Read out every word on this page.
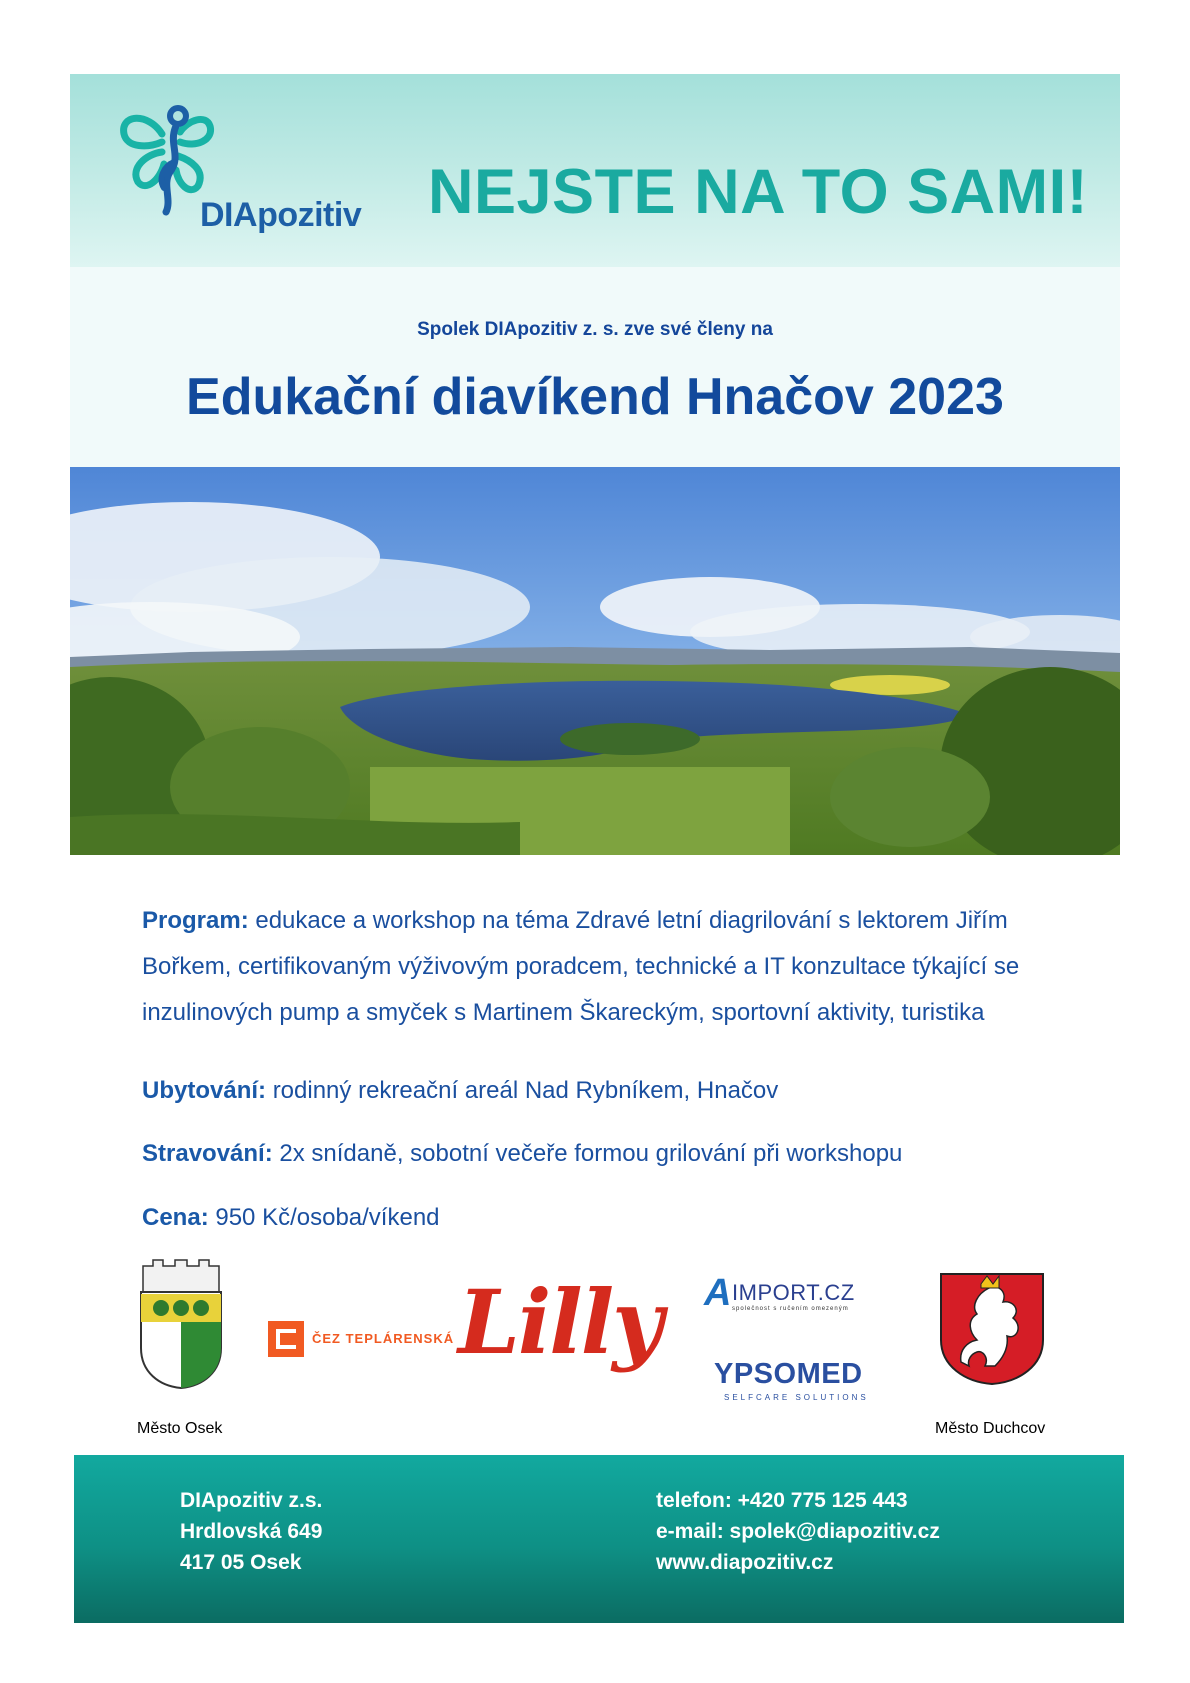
DIApozitiv NEJSTE NA TO SAMI!
Spolek DIApozitiv z. s. zve své členy na
Edukační diavíkend Hnačov 2023
Program: edukace a workshop na téma Zdravé letní diagrilování s lektorem Jiřím Bořkem, certifikovaným výživovým poradcem, technické a IT konzultace týkající se inzulinových pump a smyček s Martinem Škareckým, sportovní aktivity, turistika
Ubytování: rodinný rekreační areál Nad Rybníkem, Hnačov
Stravování: 2x snídaně, sobotní večeře formou grilování při workshopu
Cena: 950 Kč/osoba/víkend
ČEZ TEPLÁRENSKÁ Lilly A IMPORT.CZ
společnost s ručením omezeným
YPSOMED
SELFCARE SOLUTIONS
Město Osek	Město Duchcov
DIApozitiv z.s.
Hrdlovská 649
417 05 Osek
telefon: +420 775 125 443
e-mail: spolek@diapozitiv.cz
www.diapozitiv.cz
